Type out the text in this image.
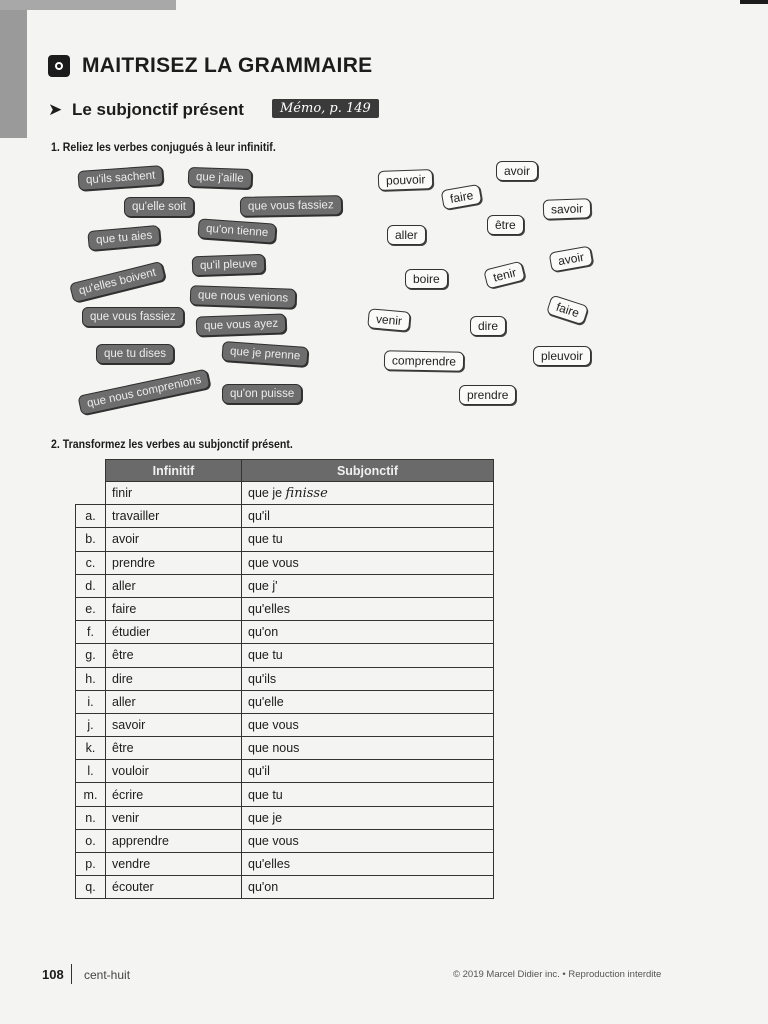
MAITRISEZ LA GRAMMAIRE
➤ Le subjonctif présent	Mémo, p. 149
1. Reliez les verbes conjugués à leur infinitif.
qu'ils sachent	que j'aille
qu'elle soit	que vous fassiez
que tu aies	qu'on tienne
qu'il pleuve
qu'elles boivent	que nous venions
que vous fassiez
que vous ayez
que tu dises	que je prenne
que nous comprenions	qu'on puisse
avoir
pouvoir
faire
savoir
être
aller
avoir
boire	tenir
faire
venir	dire
comprendre	pleuvoir
prendre
2. Transformez les verbes au subjonctif présent.
	Infinitif	Subjonctif
	finir	que je finisse
a.	travailler	qu'il
b.	avoir	que tu
c.	prendre	que vous
d.	aller	que j'
e.	faire	qu'elles
f.	étudier	qu'on
g.	être	que tu
h.	dire	qu'ils
i.	aller	qu'elle
j.	savoir	que vous
k.	être	que nous
l.	vouloir	qu'il
m.	écrire	que tu
n.	venir	que je
o.	apprendre	que vous
p.	vendre	qu'elles
q.	écouter	qu'on
108 cent-huit	© 2019 Marcel Didier inc. • Reproduction interdite
